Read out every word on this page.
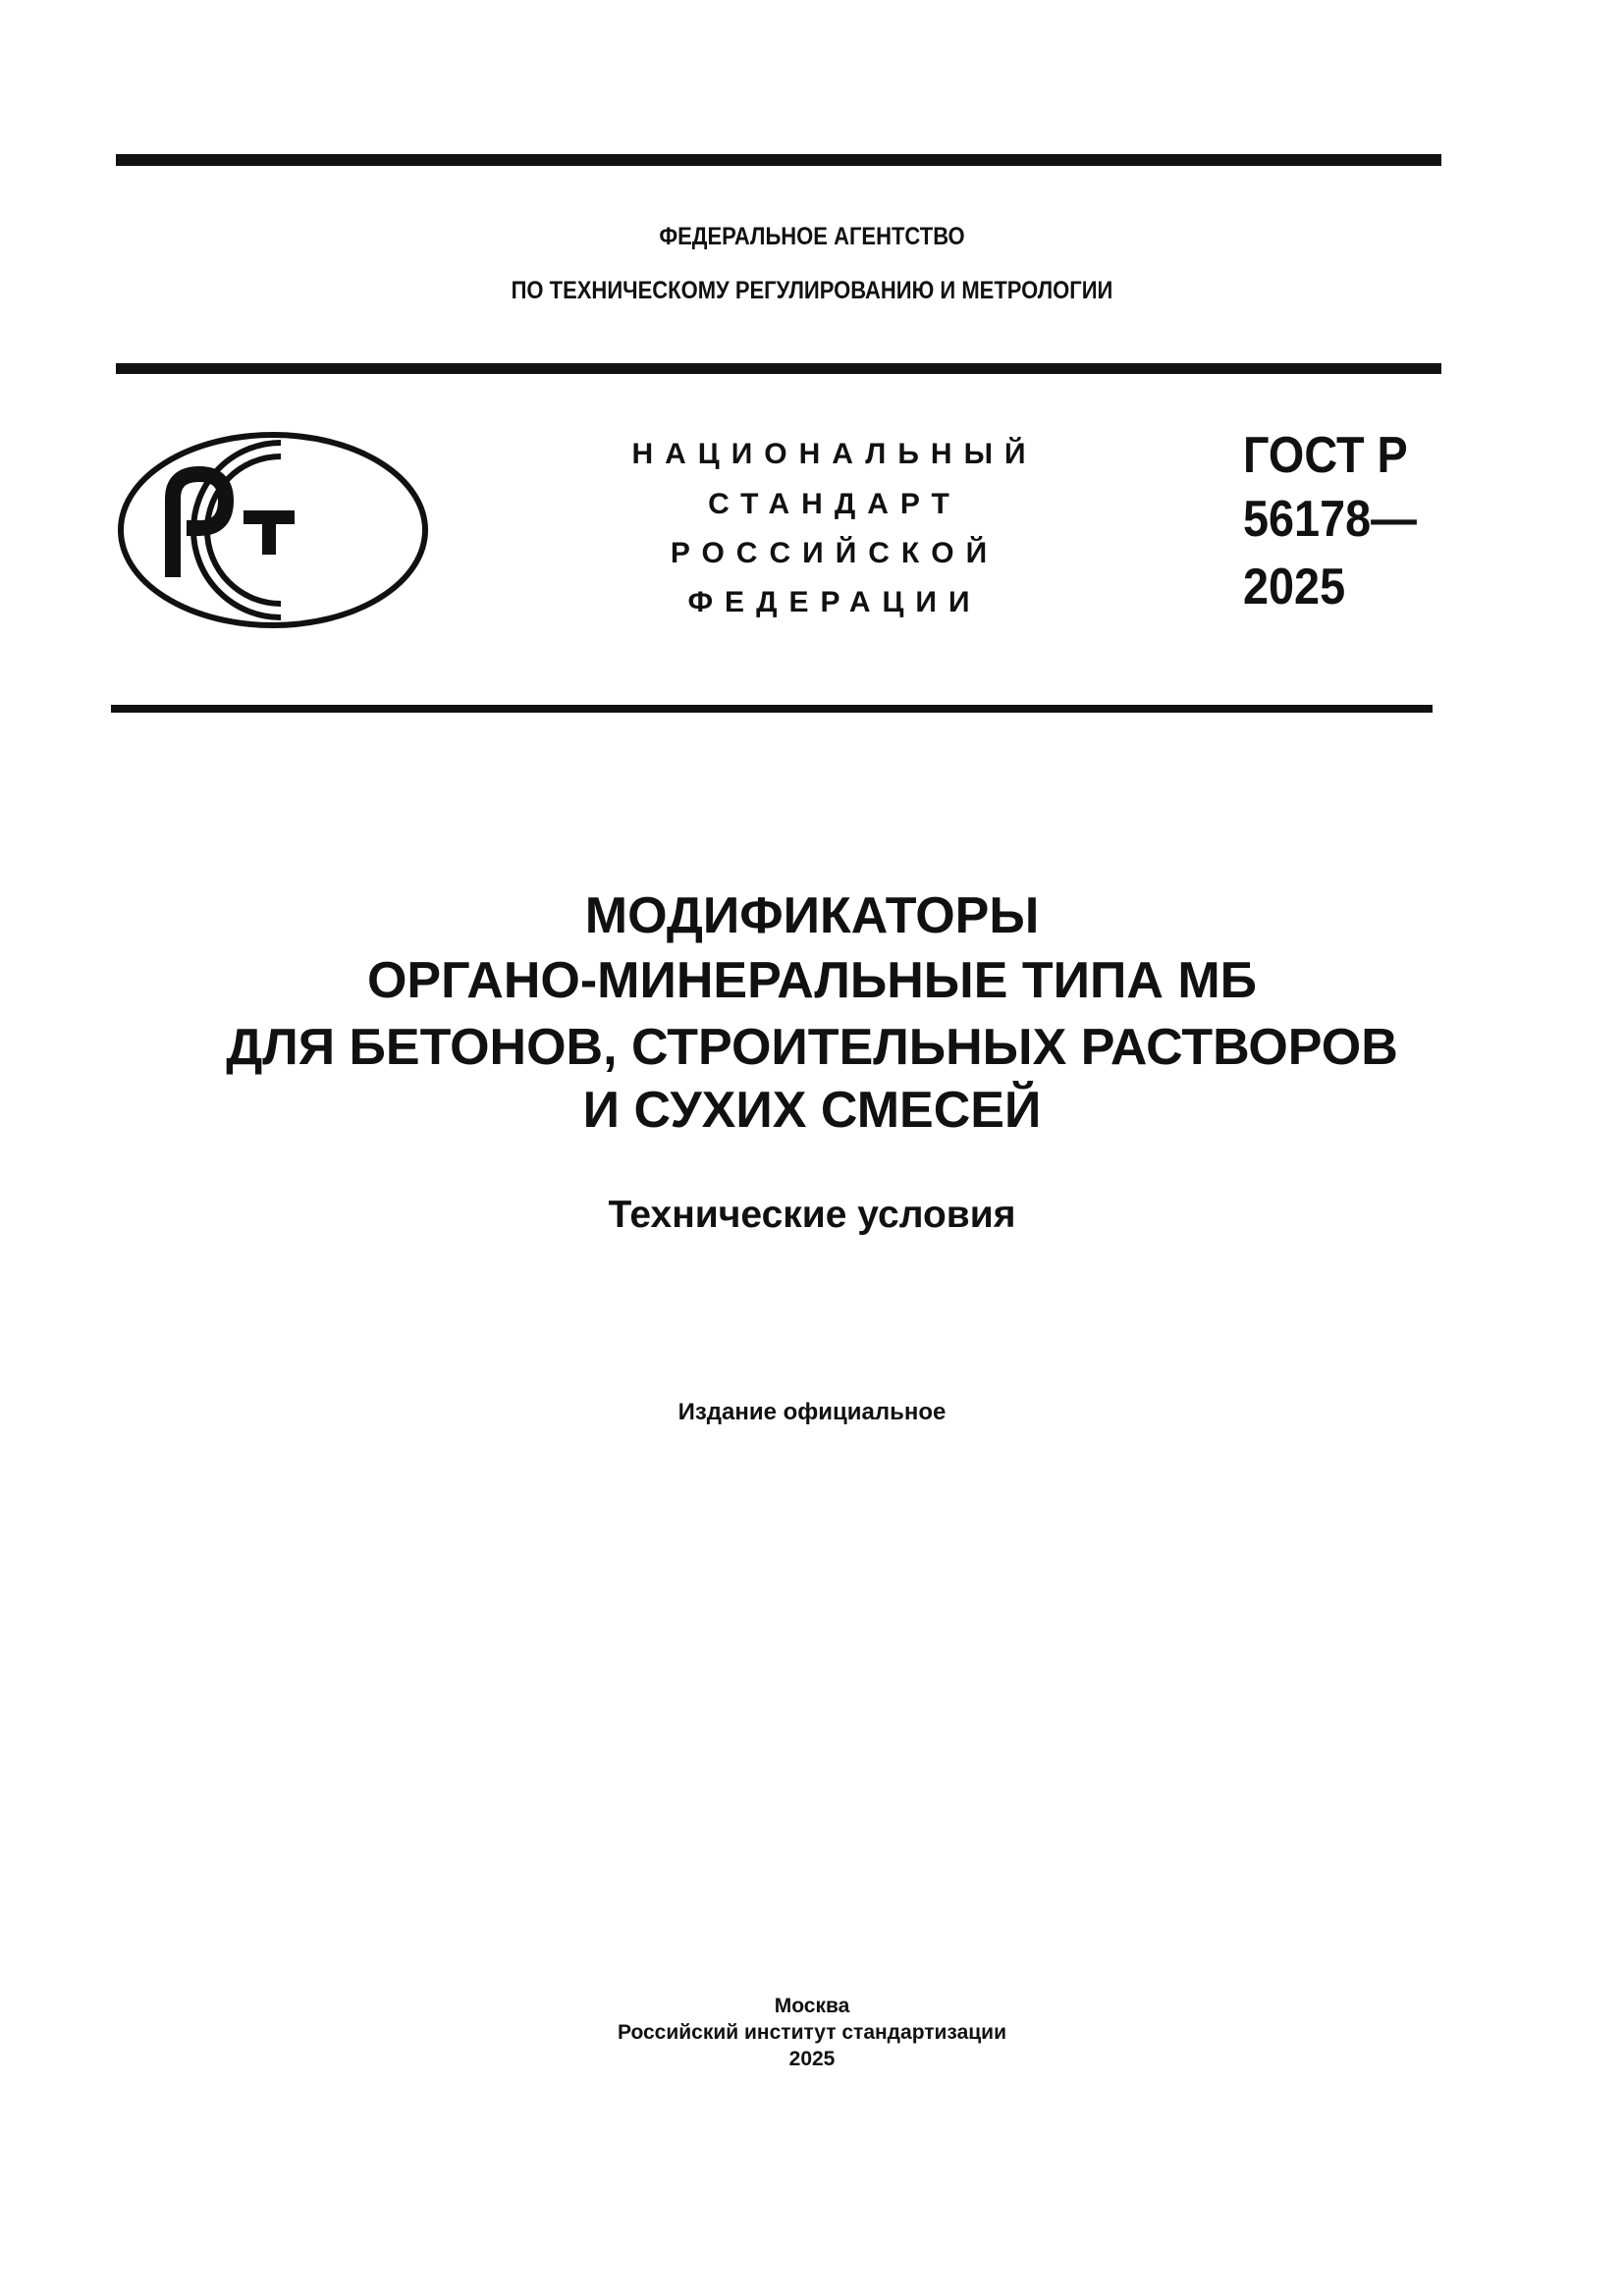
ФЕДЕРАЛЬНОЕ АГЕНТСТВО
ПО ТЕХНИЧЕСКОМУ РЕГУЛИРОВАНИЮ И МЕТРОЛОГИИ
НАЦИОНАЛЬНЫЙ
СТАНДАРТ
РОССИЙСКОЙ
ФЕДЕРАЦИИ
ГОСТ Р
56178—
2025
МОДИФИКАТОРЫ
ОРГАНО-МИНЕРАЛЬНЫЕ ТИПА МБ
ДЛЯ БЕТОНОВ, СТРОИТЕЛЬНЫХ РАСТВОРОВ
И СУХИХ СМЕСЕЙ
Технические условия
Издание официальное
Москва
Российский институт стандартизации
2025
